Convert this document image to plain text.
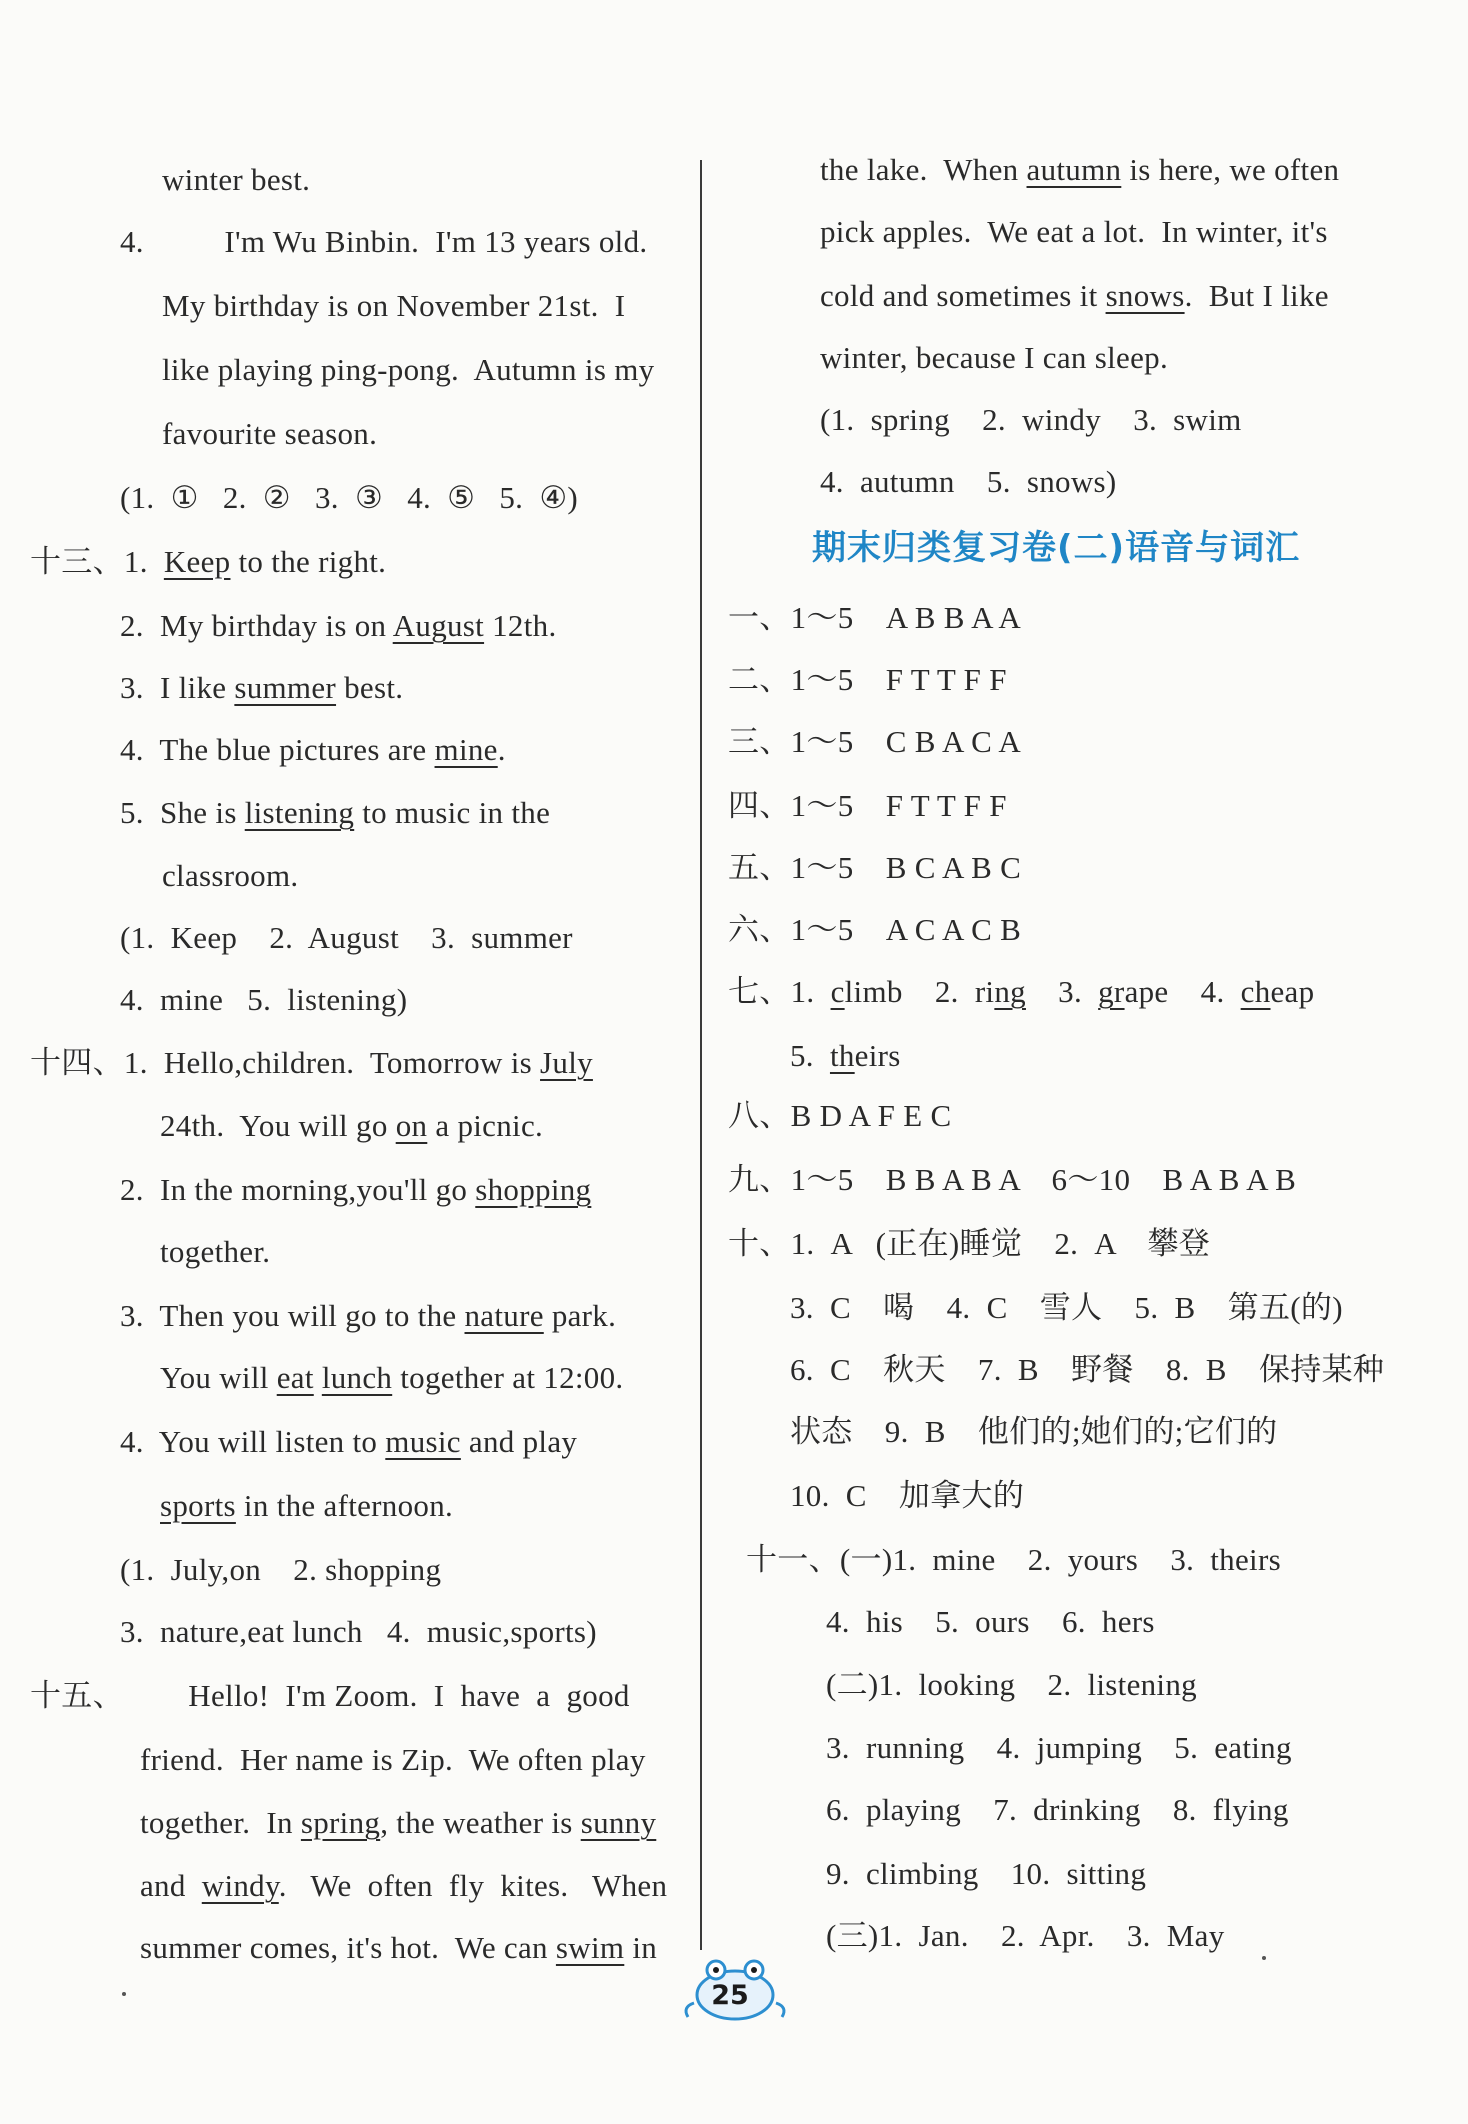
winter best.
4.          I'm Wu Binbin.  I'm 13 years old.
My birthday is on November 21st.  I
like playing ping-pong.  Autumn is my
favourite season.
(1.  ①   2.  ②   3.  ③   4.  ⑤   5.  ④)
十三、1.  Keep to the right.
2.  My birthday is on August 12th.
3.  I like summer best.
4.  The blue pictures are mine.
5.  She is listening to music in the
classroom.
(1.  Keep    2.  August    3.  summer
4.  mine   5.  listening)
十四、1.  Hello,children.  Tomorrow is July
24th.  You will go on a picnic.
2.  In the morning,you'll go shopping
together.
3.  Then you will go to the nature park.
You will eat lunch together at 12:00.
4.  You will listen to music and play
sports in the afternoon.
(1.  July,on    2. shopping
3.  nature,eat lunch   4.  music,sports)
十五、        Hello!  I'm Zoom.  I  have  a  good
friend.  Her name is Zip.  We often play
together.  In spring, the weather is sunny
and  windy.   We  often  fly  kites.   When
summer comes, it's hot.  We can swim in
the lake.  When autumn is here, we often
pick apples.  We eat a lot.  In winter, it's
cold and sometimes it snows.  But I like
winter, because I can sleep.
(1.  spring    2.  windy    3.  swim
4.  autumn    5.  snows)
一、1～5    A B B A A
二、1～5    F T T F F
三、1～5    C B A C A
四、1～5    F T T F F
五、1～5    B C A B C
六、1～5    A C A C B
七、1.  climb    2.  ring    3.  grape    4.  cheap
5.  theirs
八、B D A F E C
九、1～5    B B A B A    6～10    B A B A B
十、1.  A   (正在)睡觉    2.  A    攀登
3.  C    喝    4.  C    雪人    5.  B    第五(的)
6.  C    秋天    7.  B    野餐    8.  B    保持某种
状态    9.  B    他们的;她们的;它们的
10.  C    加拿大的
十一、(一)1.  mine    2.  yours    3.  theirs
4.  his    5.  ours    6.  hers
(二)1.  looking    2.  listening
3.  running    4.  jumping    5.  eating
6.  playing    7.  drinking    8.  flying
9.  climbing    10.  sitting
(三)1.  Jan.    2.  Apr.    3.  May
期末归类复习卷(二)语音与词汇
25
